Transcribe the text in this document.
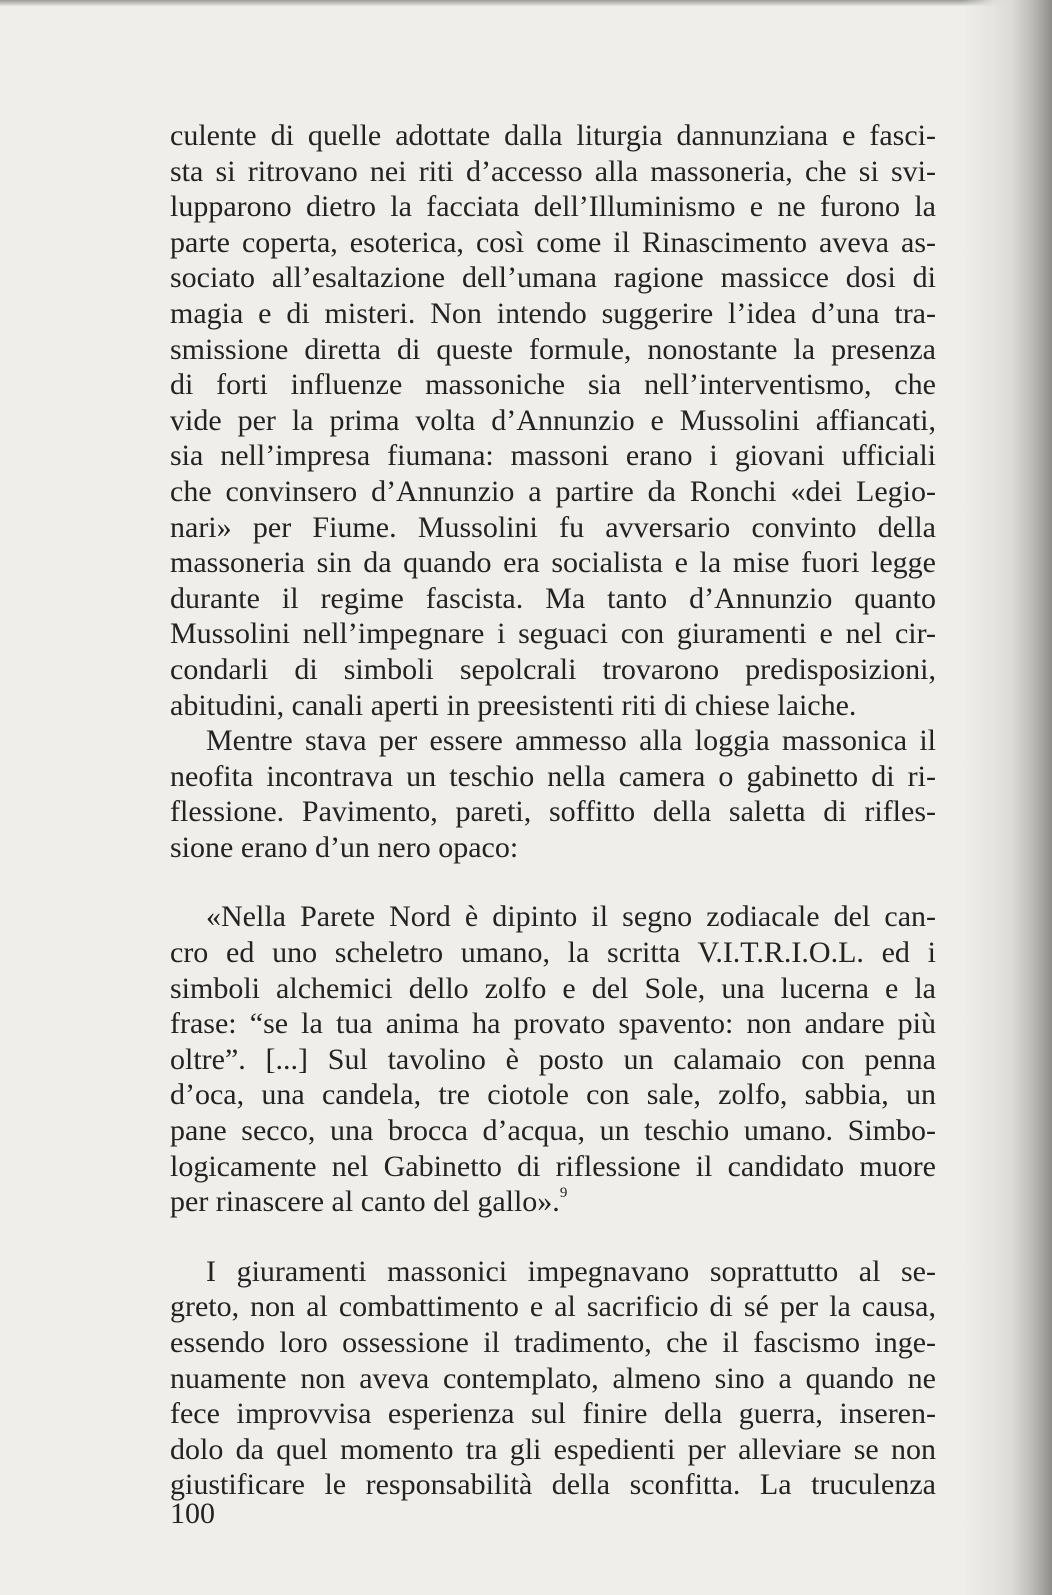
culente di quelle adottate dalla liturgia dannunziana e fasci-
sta si ritrovano nei riti d’accesso alla massoneria, che si svi-
lupparono dietro la facciata dell’Illuminismo e ne furono la
parte coperta, esoterica, così come il Rinascimento aveva as-
sociato all’esaltazione dell’umana ragione massicce dosi di
magia e di misteri. Non intendo suggerire l’idea d’una tra-
smissione diretta di queste formule, nonostante la presenza
di forti influenze massoniche sia nell’interventismo, che
vide per la prima volta d’Annunzio e Mussolini affiancati,
sia nell’impresa fiumana: massoni erano i giovani ufficiali
che convinsero d’Annunzio a partire da Ronchi «dei Legio-
nari» per Fiume. Mussolini fu avversario convinto della
massoneria sin da quando era socialista e la mise fuori legge
durante il regime fascista. Ma tanto d’Annunzio quanto
Mussolini nell’impegnare i seguaci con giuramenti e nel cir-
condarli di simboli sepolcrali trovarono predisposizioni,
abitudini, canali aperti in preesistenti riti di chiese laiche.

Mentre stava per essere ammesso alla loggia massonica il
neofita incontrava un teschio nella camera o gabinetto di ri-
flessione. Pavimento, pareti, soffitto della saletta di rifles-
sione erano d’un nero opaco:

«Nella Parete Nord è dipinto il segno zodiacale del can-
cro ed uno scheletro umano, la scritta V.I.T.R.I.O.L. ed i
simboli alchemici dello zolfo e del Sole, una lucerna e la
frase: “se la tua anima ha provato spavento: non andare più
oltre”. [...] Sul tavolino è posto un calamaio con penna
d’oca, una candela, tre ciotole con sale, zolfo, sabbia, un
pane secco, una brocca d’acqua, un teschio umano. Simbo-
logicamente nel Gabinetto di riflessione il candidato muore
per rinascere al canto del gallo».$^9$

I giuramenti massonici impegnavano soprattutto al se-
greto, non al combattimento e al sacrificio di sé per la causa,
essendo loro ossessione il tradimento, che il fascismo inge-
nuamente non aveva contemplato, almeno sino a quando ne
fece improvvisa esperienza sul finire della guerra, inseren-
dolo da quel momento tra gli espedienti per alleviare se non
giustificare le responsabilità della sconfitta. La truculenza

100
